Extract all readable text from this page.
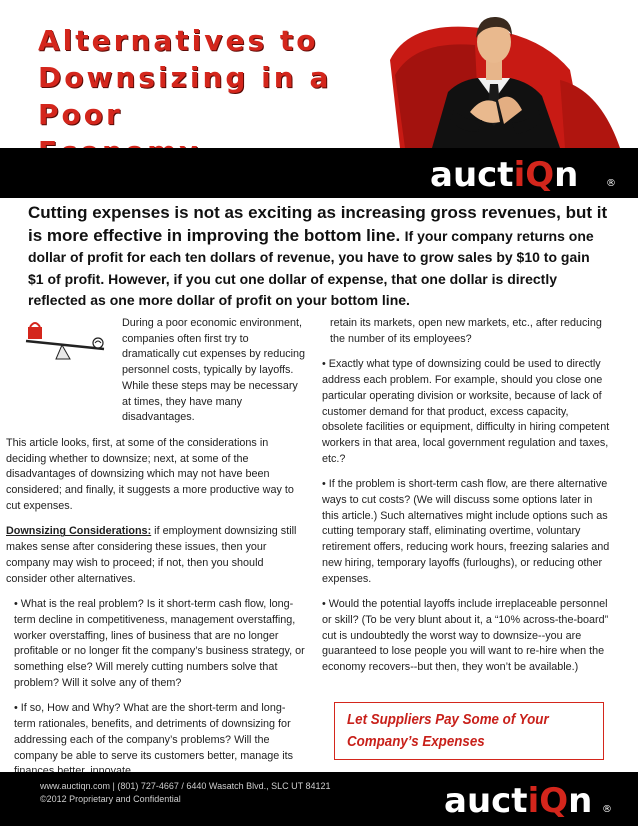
Alternatives to
Downsizing in a Poor
auctiQn	®
Cutting expenses is not as exciting as increasing gross revenues, but it is more effective in improving the bottom line. If your company returns one dollar of profit for each ten dollars of revenue, you have to grow sales by $10 to gain $1 of profit. However, if you cut one dollar of expense, that one dollar is directly reflected as one more dollar of profit on your bottom line.

During a poor economic environment, companies often first try to dramatically cut expenses by reducing personnel costs, typically by layoffs. While these steps may be necessary at times, they have many disadvantages.

This article looks, first, at some of the considerations in deciding whether to downsize; next, at some of the disadvantages of downsizing which may not have been considered; and finally, it suggests a more productive way to cut expenses.

Downsizing Considerations: if employment downsizing still makes sense after considering these issues, then your company may wish to proceed; if not, then you should consider other alternatives.

• What is the real problem? Is it short-term cash flow, long-term decline in competitiveness, management overstaffing, worker overstaffing, lines of business that are no longer profitable or no longer fit the company’s business strategy, or something else? Will merely cutting numbers solve that problem? Will it solve any of them?

• If so, How and Why? What are the short-term and long-term rationales, benefits, and detriments of downsizing for addressing each of the company’s problems? Will the company be able to serve its customers better, manage its

retain its markets, open new markets, etc., after reducing the number of its employees?

• Exactly what type of downsizing could be used to directly address each problem. For example, should you close one particular operating division or worksite, because of lack of customer demand for that product, excess capacity, obsolete facilities or equipment, difficulty in hiring competent workers in that area, local government regulation and taxes, etc.?

• If the problem is short-term cash flow, are there alternative ways to cut costs? (We will discuss some options later in this article.) Such alternatives might include options such as cutting temporary staff, eliminating overtime, voluntary retirement offers, reducing work hours, freezing salaries and new hiring, temporary layoffs (furloughs), or reducing other expenses.

• Would the potential layoffs include irreplaceable personnel or skill? (To be very blunt about it, a “10% across-the-board” cut is undoubtedly the worst way to downsize--you are guaranteed to lose people you will want to re-hire when the economy recovers--but then, they won’t be available.)

Let Suppliers Pay Some of Your
Company’s Expenses
www.auctiqn.com | (801) 727-4667 / 6440 Wasatch Blvd., SLC UT 84121
©2012 Proprietary and Confidential	auctiQn ®
